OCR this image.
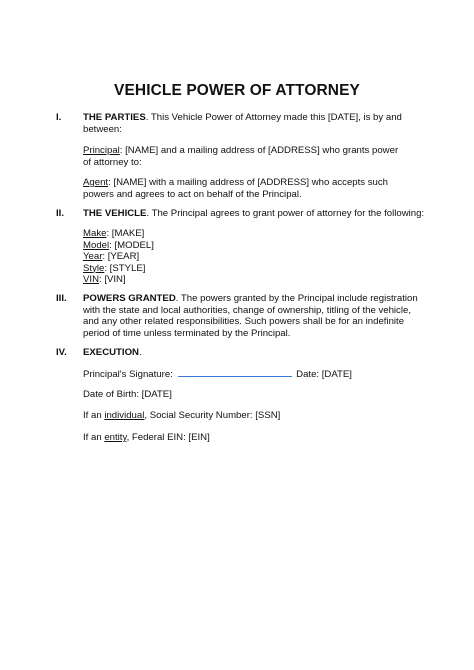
VEHICLE POWER OF ATTORNEY
I.	THE PARTIES. This Vehicle Power of Attorney made this [DATE], is by and
between:
Principal: [NAME] and a mailing address of [ADDRESS] who grants power
of attorney to:
Agent: [NAME] with a mailing address of [ADDRESS] who accepts such
powers and agrees to act on behalf of the Principal.
II.	THE VEHICLE. The Principal agrees to grant power of attorney for the following:
Make: [MAKE]
Model: [MODEL]
Year: [YEAR]
Style: [STYLE]
VIN: [VIN]
III.	POWERS GRANTED. The powers granted by the Principal include registration
with the state and local authorities, change of ownership, titling of the vehicle,
and any other related responsibilities. Such powers shall be for an indefinite
period of time unless terminated by the Principal.
IV.	EXECUTION.
Principal's Signature:	Date: [DATE]
Date of Birth: [DATE]
If an individual, Social Security Number: [SSN]
If an entity, Federal EIN: [EIN]
